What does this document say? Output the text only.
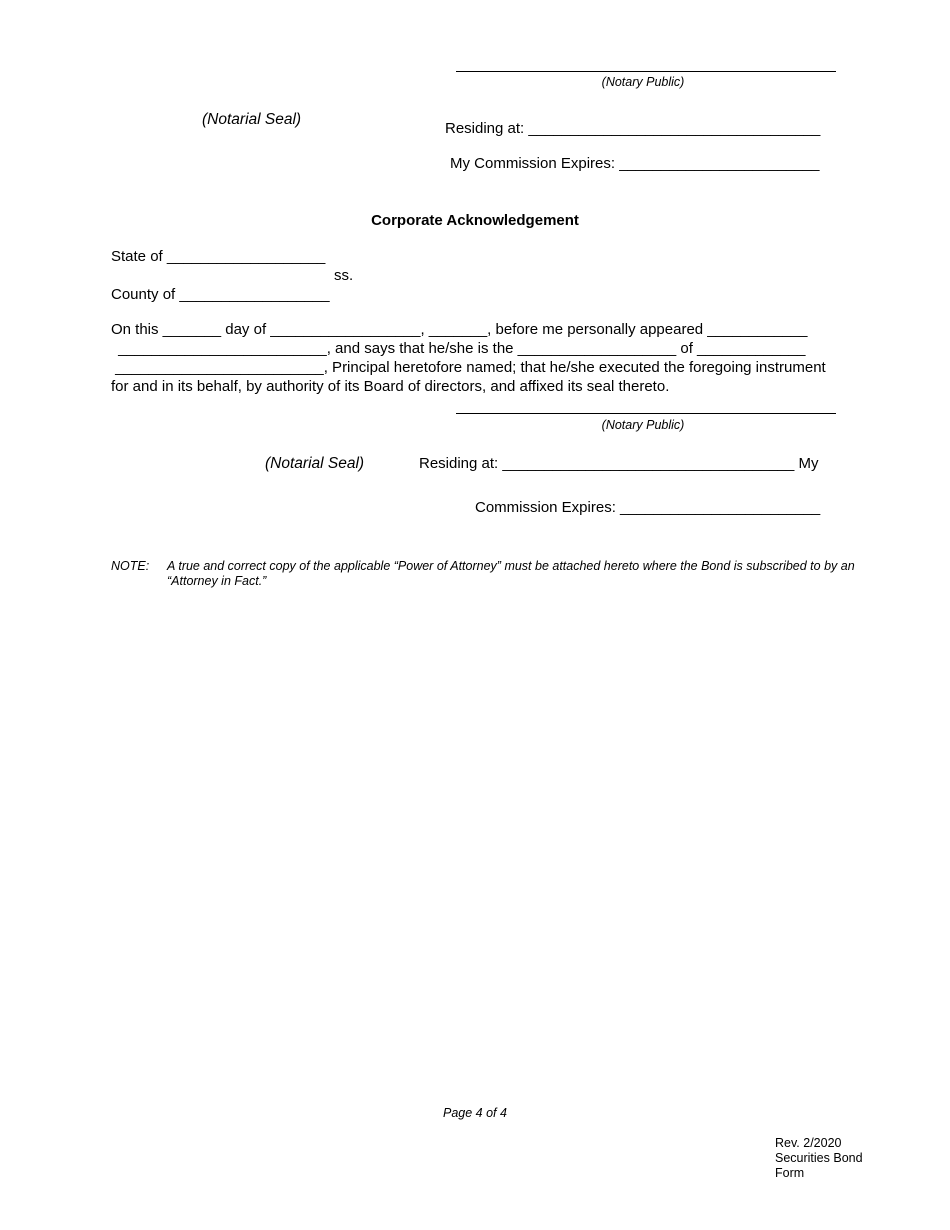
(Notary Public)
(Notarial Seal)
Residing at: ___________________________________
My Commission Expires: ________________________
Corporate Acknowledgement
State of ___________________
ss.
County of __________________
On this _______ day of __________________, _______, before me personally appeared ____________
_________________________, and says that he/she is the ___________________ of _____________
_________________________, Principal heretofore named; that he/she executed the foregoing instrument
for and in its behalf, by authority of its Board of directors, and affixed its seal thereto.
(Notary Public)
(Notarial Seal)	Residing at: ___________________________________ My
Commission Expires: ________________________
NOTE: A true and correct copy of the applicable “Power of Attorney” must be attached hereto where the Bond is subscribed to by an “Attorney in Fact.”
Page 4 of 4
Rev. 2/2020
Securities Bond
Form
